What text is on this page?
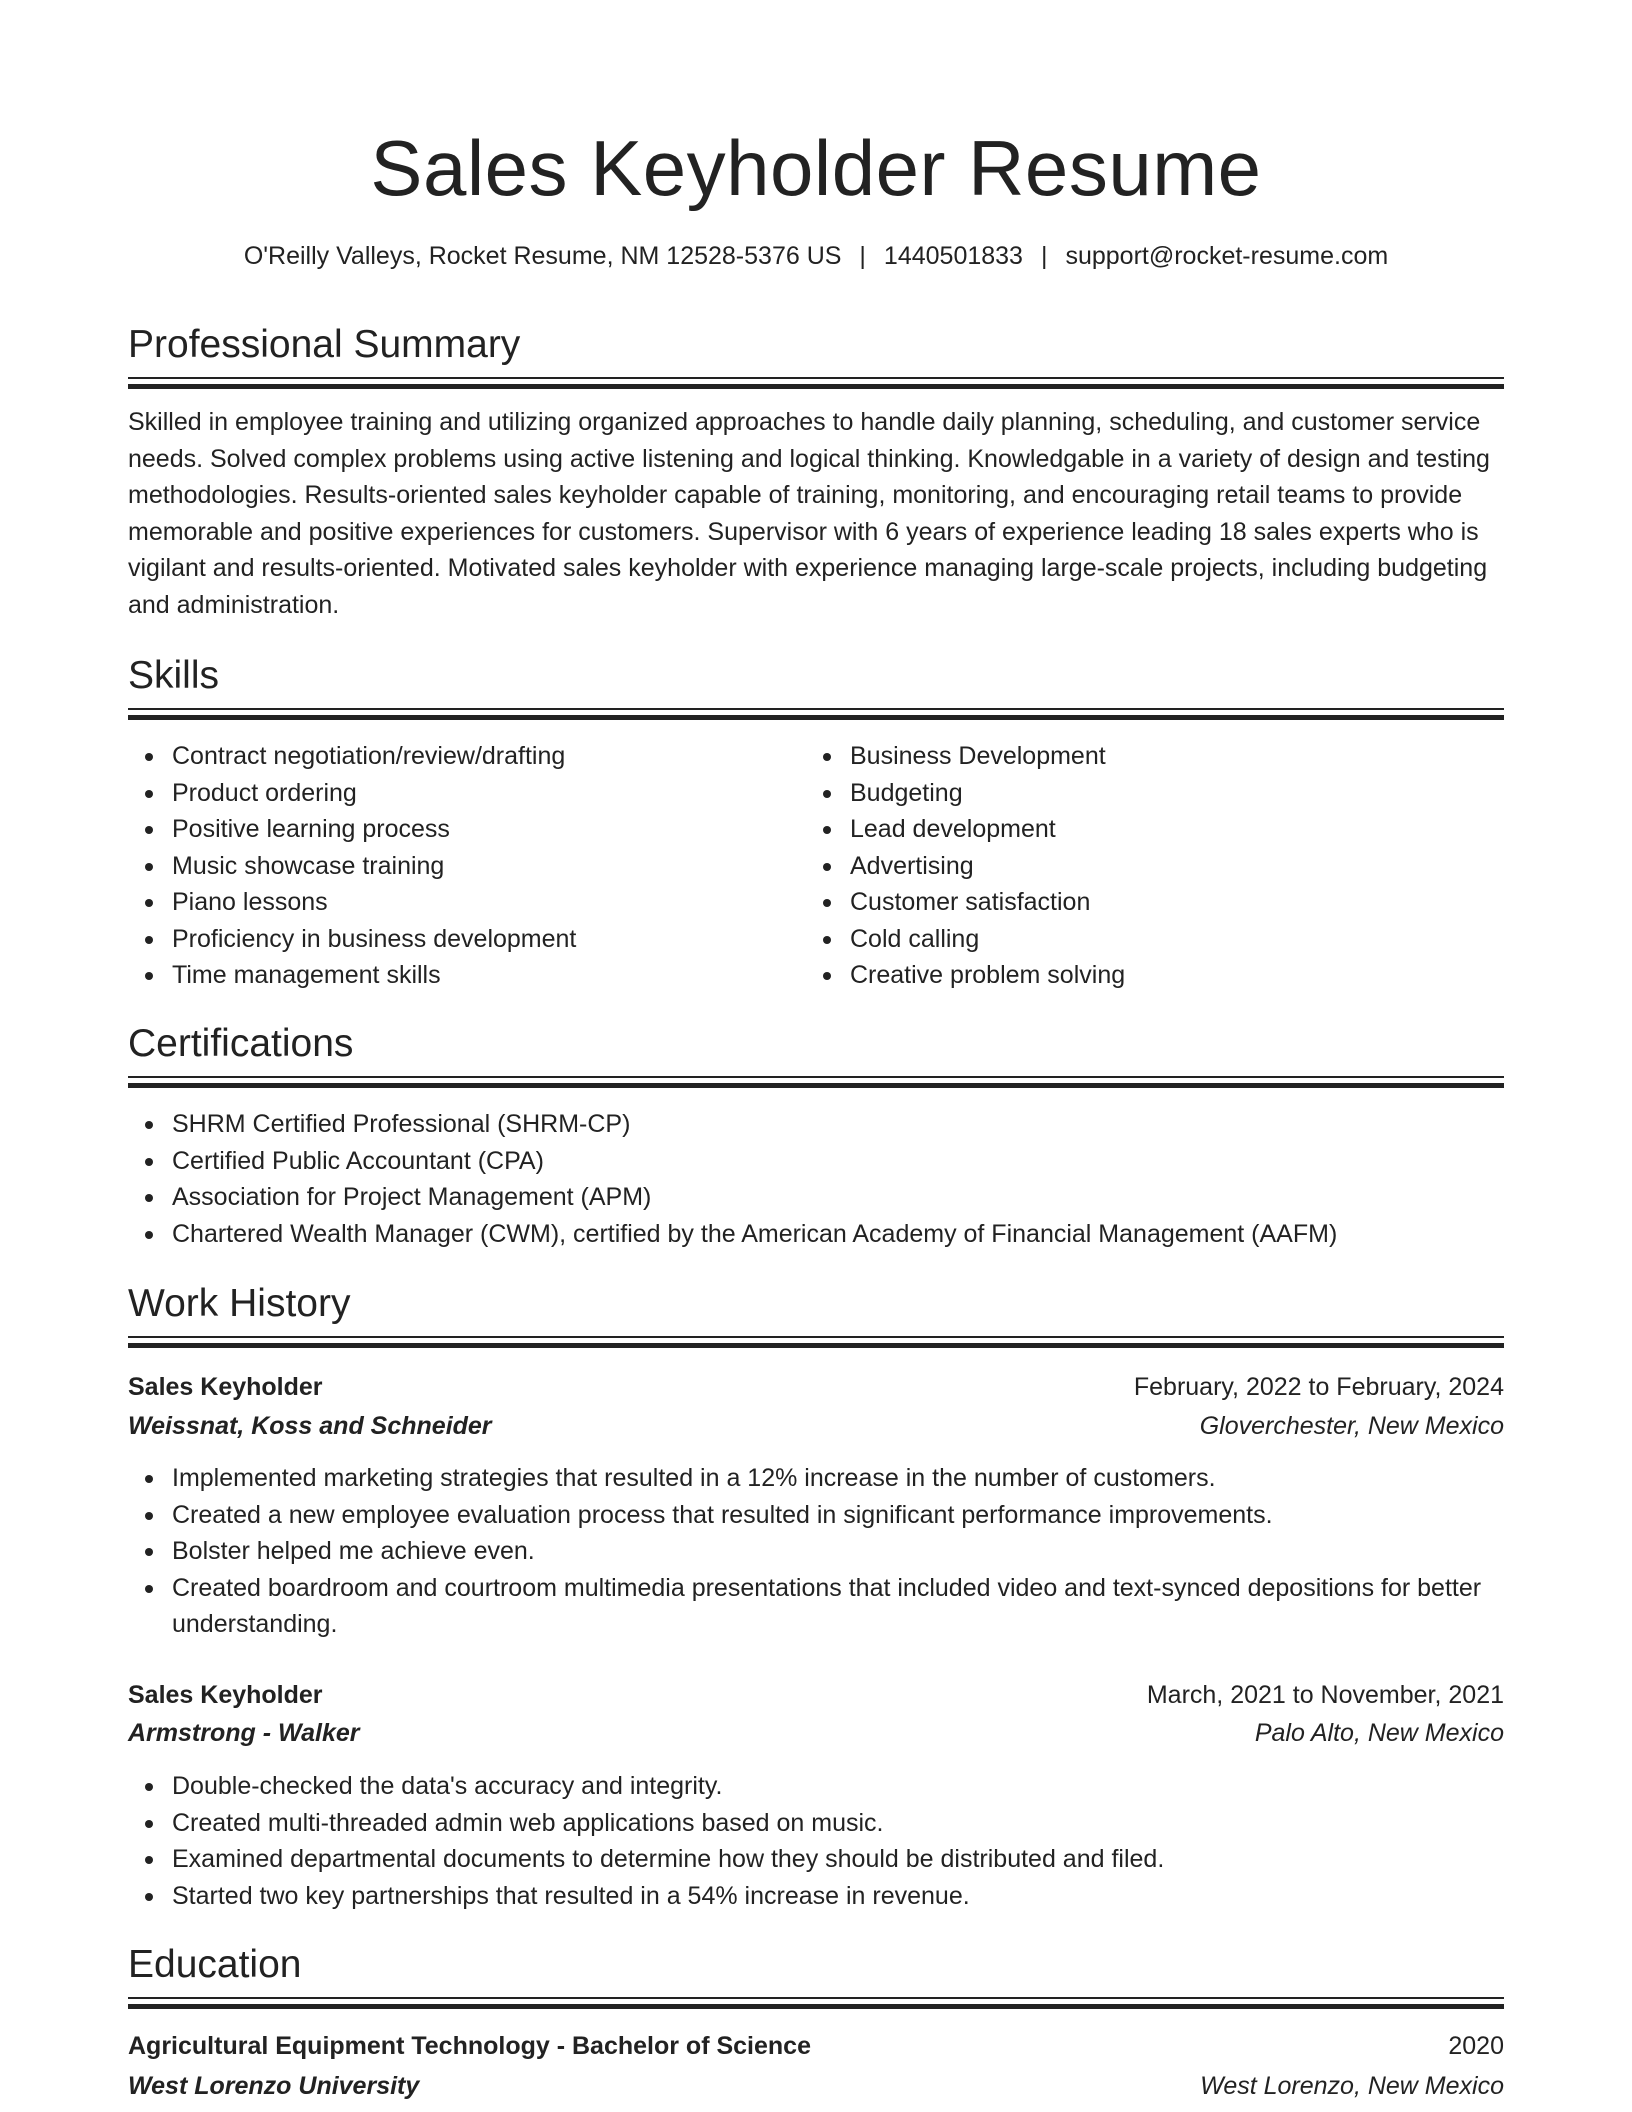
Sales Keyholder Resume
O'Reilly Valleys, Rocket Resume, NM 12528-5376 US | 1440501833 | support@rocket-resume.com
Professional Summary
Skilled in employee training and utilizing organized approaches to handle daily planning, scheduling, and customer service needs. Solved complex problems using active listening and logical thinking. Knowledgable in a variety of design and testing methodologies. Results-oriented sales keyholder capable of training, monitoring, and encouraging retail teams to provide memorable and positive experiences for customers. Supervisor with 6 years of experience leading 18 sales experts who is vigilant and results-oriented. Motivated sales keyholder with experience managing large-scale projects, including budgeting and administration.
Skills
Contract negotiation/review/drafting
Product ordering
Positive learning process
Music showcase training
Piano lessons
Proficiency in business development
Time management skills
Business Development
Budgeting
Lead development
Advertising
Customer satisfaction
Cold calling
Creative problem solving
Certifications
SHRM Certified Professional (SHRM-CP)
Certified Public Accountant (CPA)
Association for Project Management (APM)
Chartered Wealth Manager (CWM), certified by the American Academy of Financial Management (AAFM)
Work History
Sales Keyholder	February, 2022 to February, 2024
Weissnat, Koss and Schneider	Gloverchester, New Mexico
Implemented marketing strategies that resulted in a 12% increase in the number of customers.
Created a new employee evaluation process that resulted in significant performance improvements.
Bolster helped me achieve even.
Created boardroom and courtroom multimedia presentations that included video and text-synced depositions for better understanding.
Sales Keyholder	March, 2021 to November, 2021
Armstrong - Walker	Palo Alto, New Mexico
Double-checked the data's accuracy and integrity.
Created multi-threaded admin web applications based on music.
Examined departmental documents to determine how they should be distributed and filed.
Started two key partnerships that resulted in a 54% increase in revenue.
Education
Agricultural Equipment Technology - Bachelor of Science	2020
West Lorenzo University	West Lorenzo, New Mexico
